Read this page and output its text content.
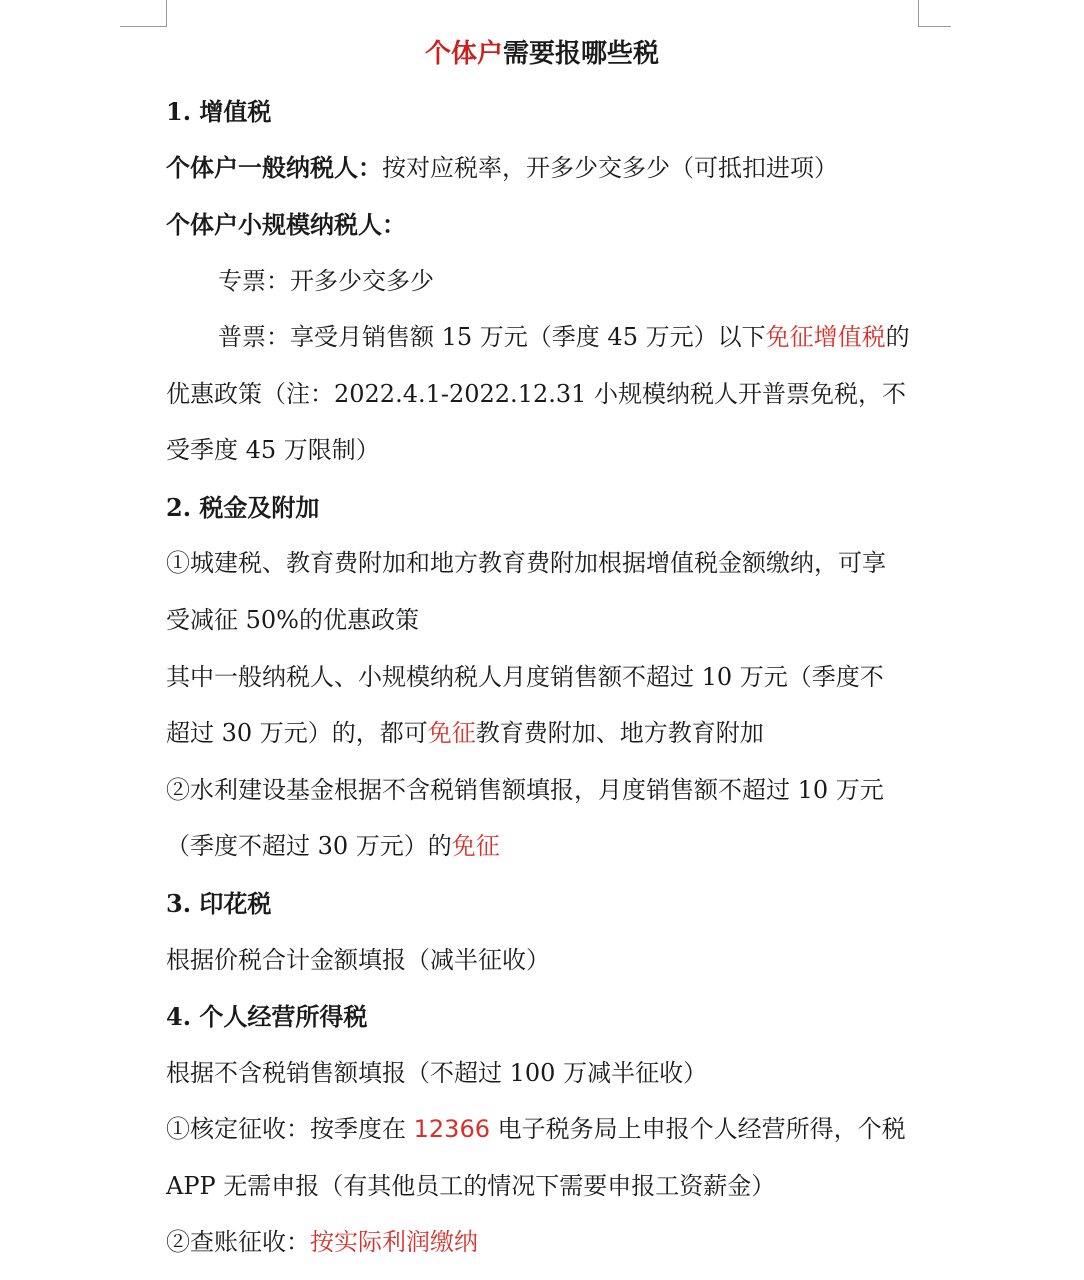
个体户需要报哪些税
1. 增值税
个体户一般纳税人：按对应税率，开多少交多少（可抵扣进项）
个体户小规模纳税人：
专票：开多少交多少
普票：享受月销售额 15 万元（季度 45 万元）以下免征增值税的
优惠政策（注：2022.4.1-2022.12.31 小规模纳税人开普票免税，不
受季度 45 万限制）
2. 税金及附加
①城建税、教育费附加和地方教育费附加根据增值税金额缴纳，可享
受减征 50%的优惠政策
其中一般纳税人、小规模纳税人月度销售额不超过 10 万元（季度不
超过 30 万元）的，都可免征教育费附加、地方教育附加
②水利建设基金根据不含税销售额填报，月度销售额不超过 10 万元
（季度不超过 30 万元）的免征
3. 印花税
根据价税合计金额填报（减半征收）
4. 个人经营所得税
根据不含税销售额填报（不超过 100 万减半征收）
①核定征收：按季度在 12366 电子税务局上申报个人经营所得，个税
APP 无需申报（有其他员工的情况下需要申报工资薪金）
②查账征收：按实际利润缴纳
